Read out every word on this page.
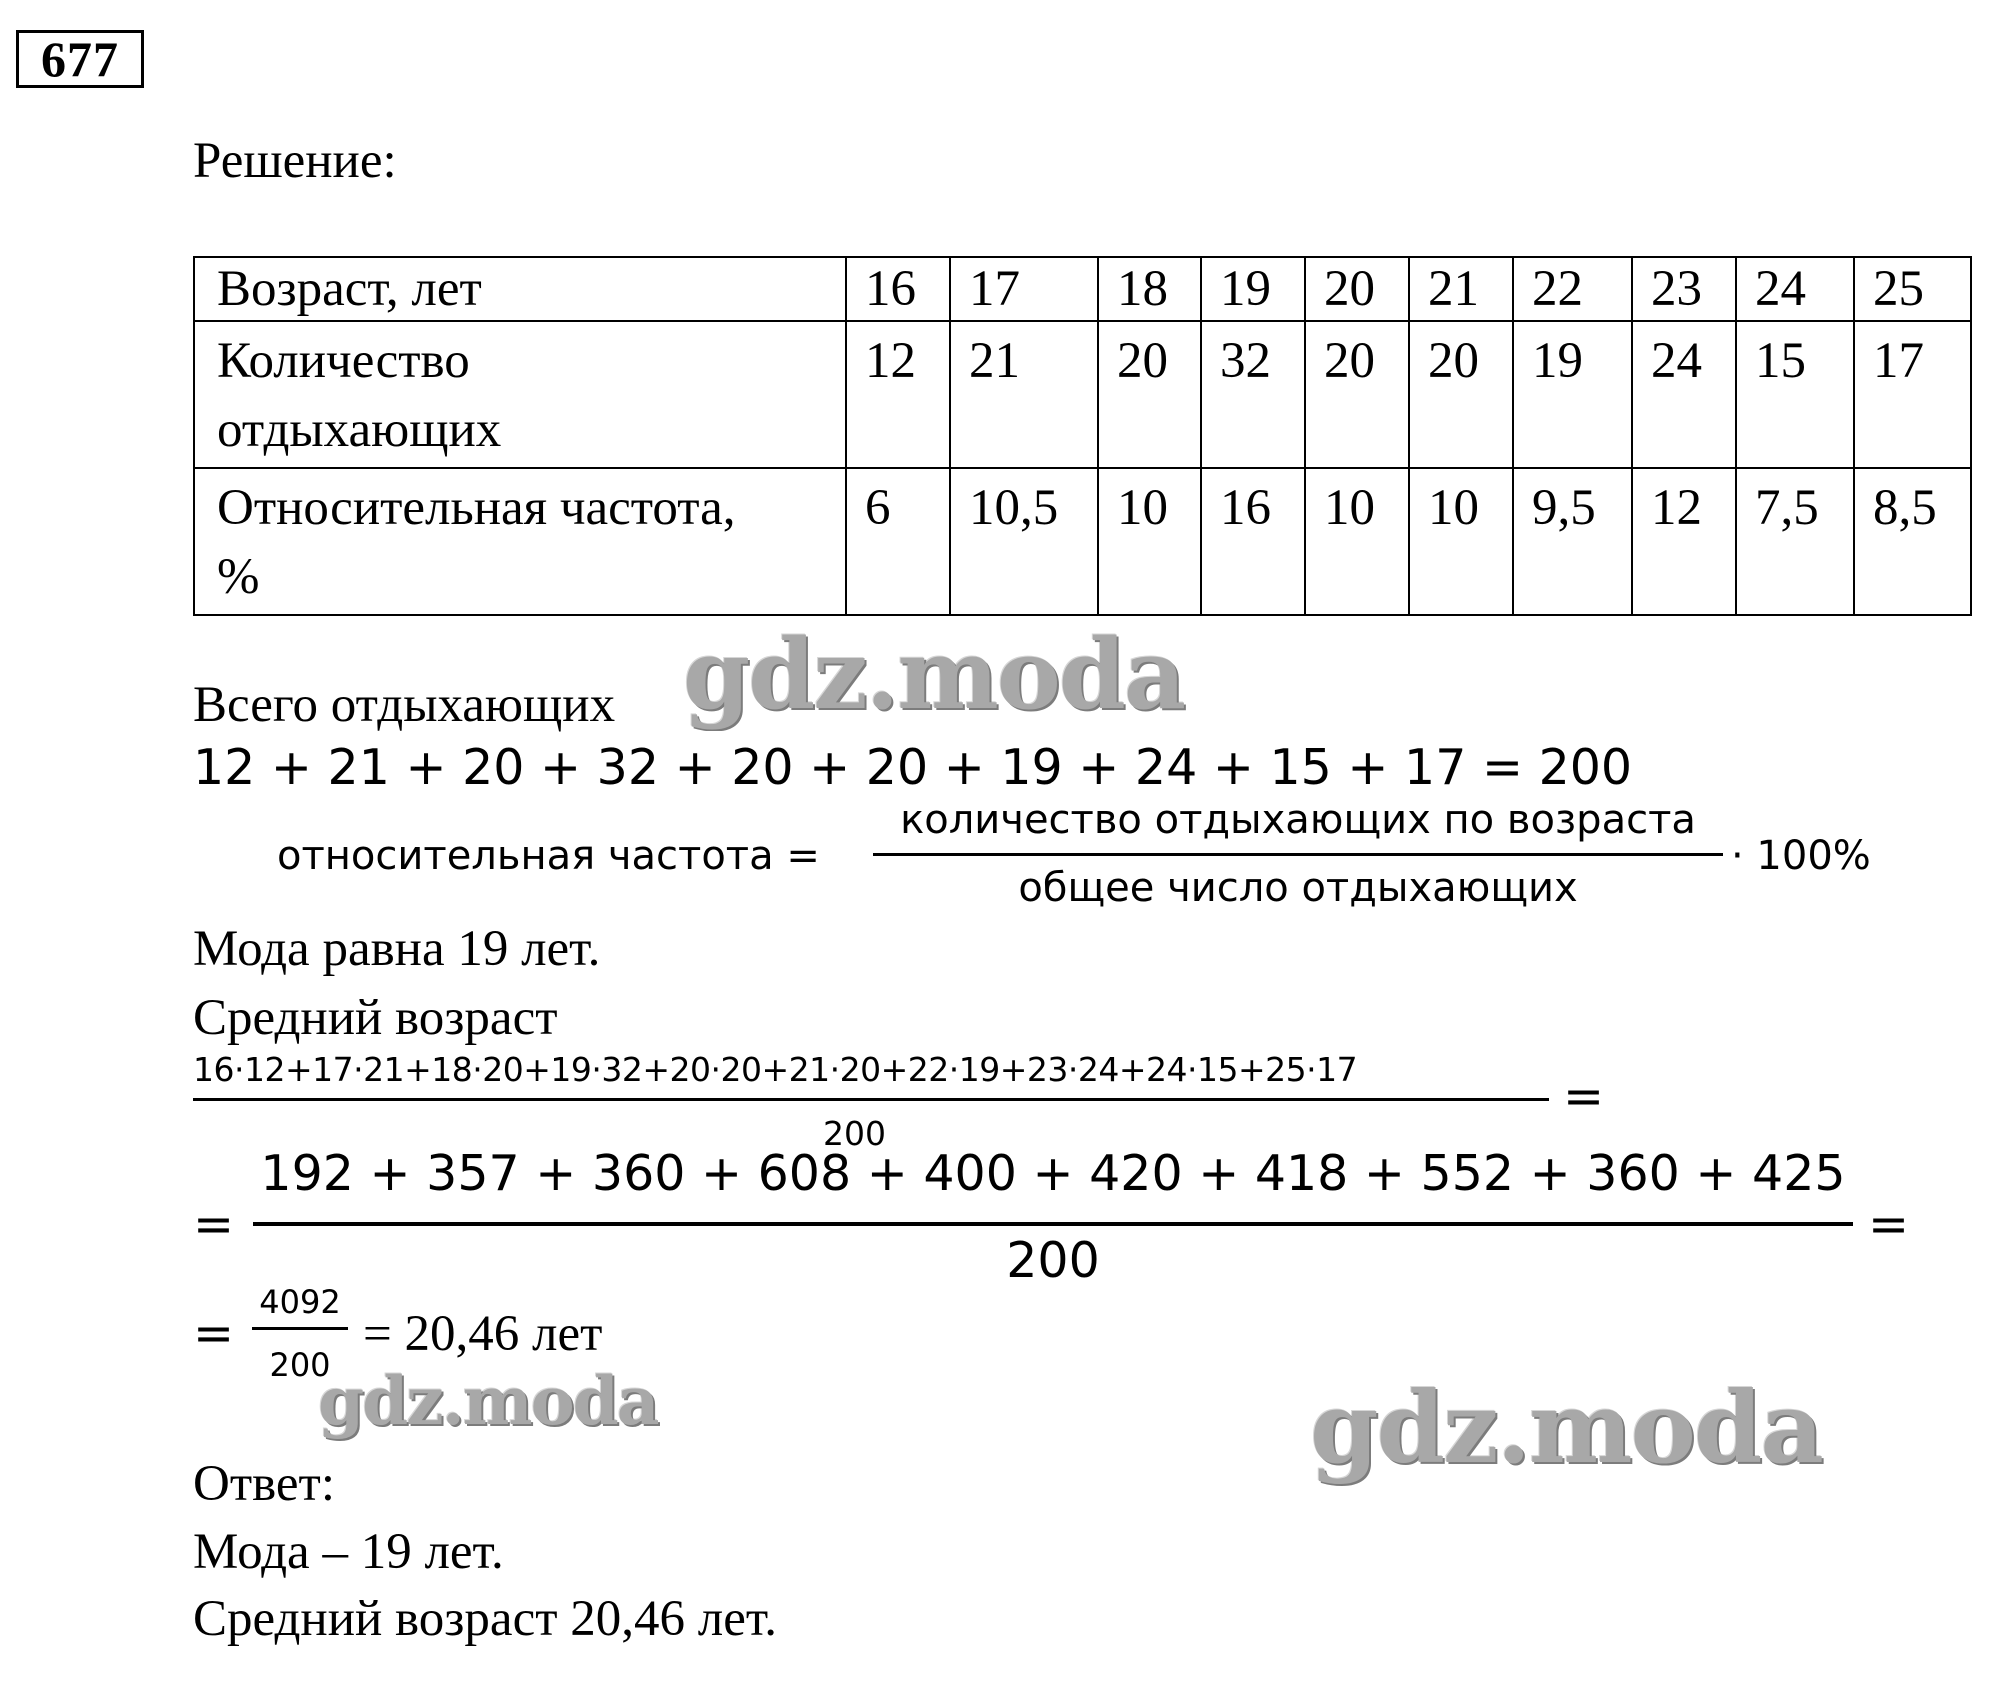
677
Решение:
Возраст, лет	16	17	18	19	20	21	22	23	24	25

Количество
отдыхающих	12	21	20	32	20	20	19	24	15	17

Относительная частота,
%	6	10,5	10	16	10	10	9,5	12	7,5	8,5
Всего отдыхающих
12 + 21 + 20 + 32 + 20 + 20 + 19 + 24 + 15 + 17 = 200
относительная частота =
количество отдыхающих по возраста
общее число отдыхающих
· 100%
Мода равна 19 лет.
Средний возраст
16·12+17·21+18·20+19·32+20·20+21·20+22·19+23·24+24·15+25·17
200
=
=
192 + 357 + 360 + 608 + 400 + 420 + 418 + 552 + 360 + 425
200
=
=
4092
200
= 20,46 лет
Ответ:
Мода – 19 лет.
Средний возраст 20,46 лет.
gdz.moda
gdz.moda	gdz.moda
